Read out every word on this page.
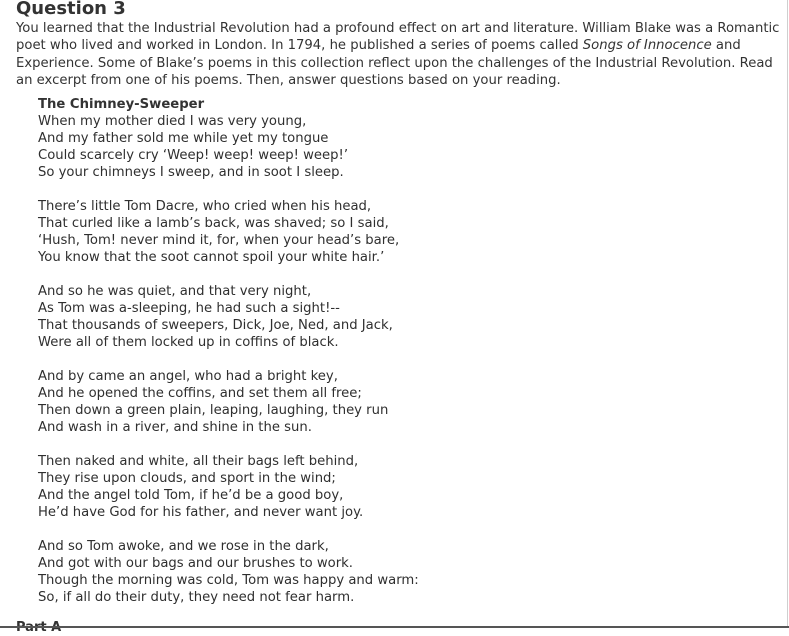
Question 3

You learned that the Industrial Revolution had a profound effect on art and literature. William Blake was a Romantic poet who lived and worked in London. In 1794, he published a series of poems called Songs of Innocence and Experience. Some of Blake’s poems in this collection reflect upon the challenges of the Industrial Revolution. Read an excerpt from one of his poems. Then, answer questions based on your reading.

The Chimney-Sweeper

When my mother died I was very young,
And my father sold me while yet my tongue
Could scarcely cry ‘Weep! weep! weep! weep!’
So your chimneys I sweep, and in soot I sleep.
There’s little Tom Dacre, who cried when his head,
That curled like a lamb’s back, was shaved; so I said,
‘Hush, Tom! never mind it, for, when your head’s bare,
You know that the soot cannot spoil your white hair.’
And so he was quiet, and that very night,
As Tom was a-sleeping, he had such a sight!--
That thousands of sweepers, Dick, Joe, Ned, and Jack,
Were all of them locked up in coffins of black.
And by came an angel, who had a bright key,
And he opened the coffins, and set them all free;
Then down a green plain, leaping, laughing, they run
And wash in a river, and shine in the sun.
Then naked and white, all their bags left behind,
They rise upon clouds, and sport in the wind;
And the angel told Tom, if he’d be a good boy,
He’d have God for his father, and never want joy.
And so Tom awoke, and we rose in the dark,
And got with our bags and our brushes to work.
Though the morning was cold, Tom was happy and warm:
So, if all do their duty, they need not fear harm.
